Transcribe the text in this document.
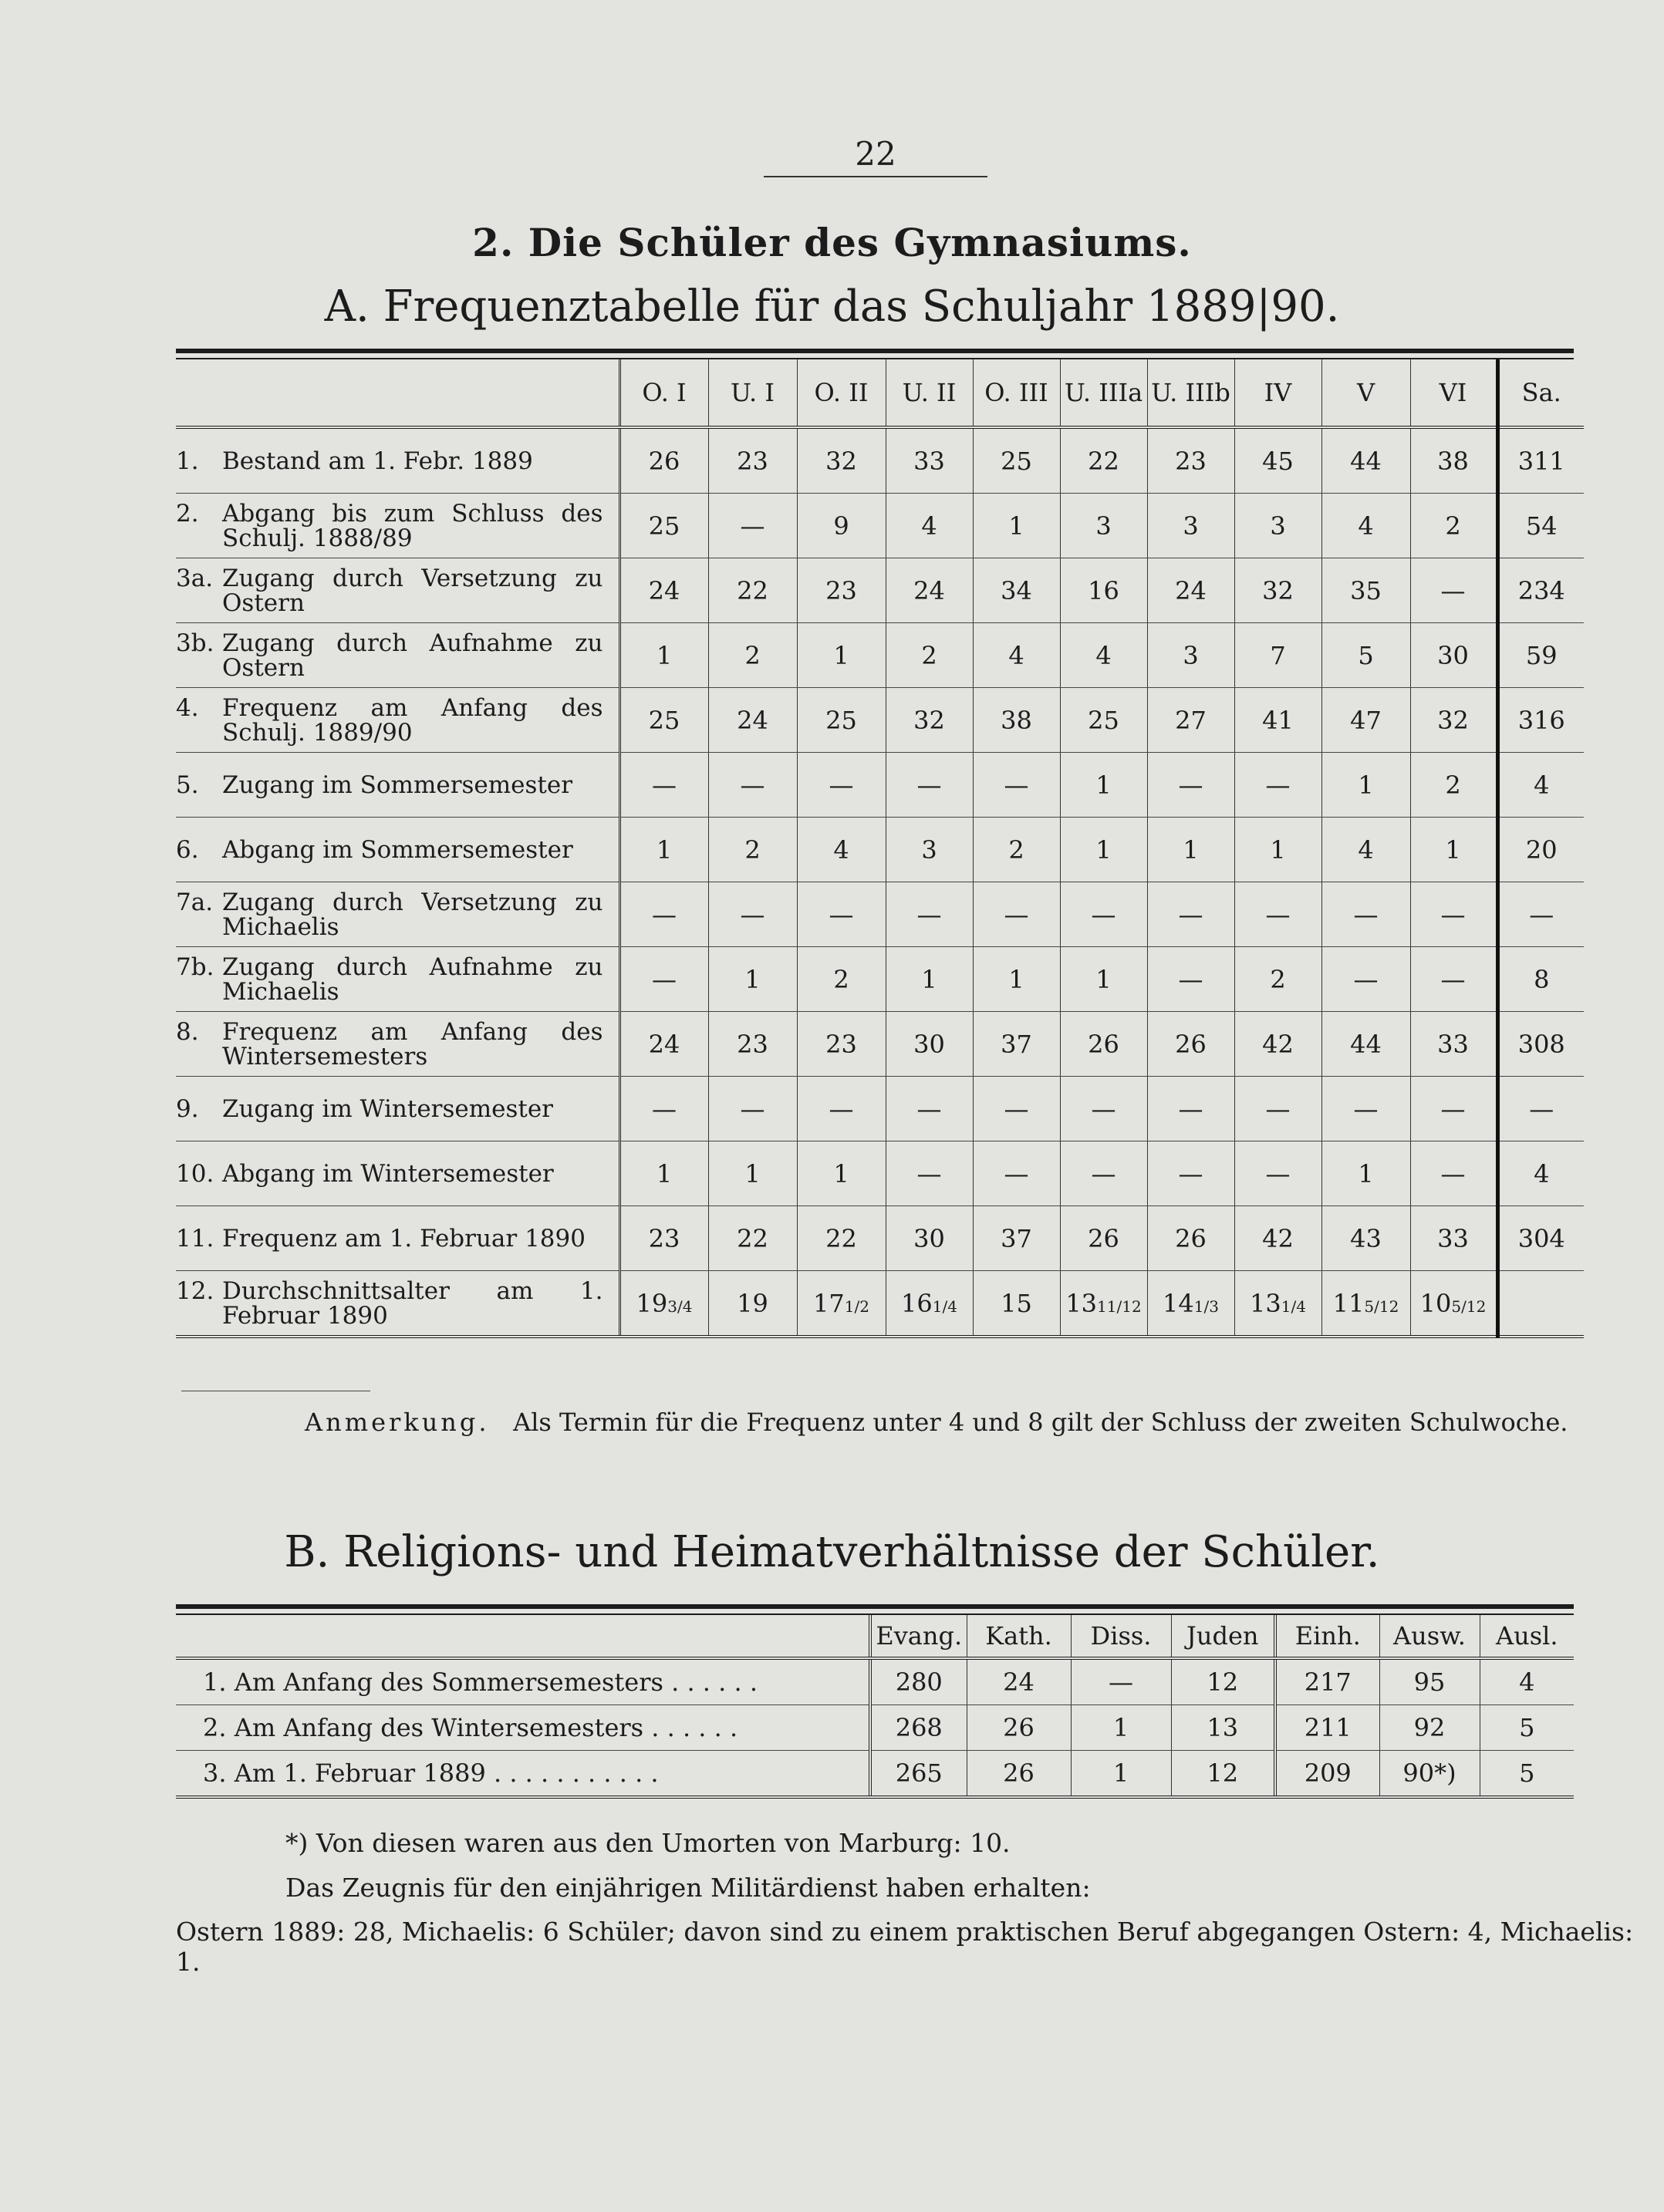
22
2. Die Schüler des Gymnasiums.
A. Frequenztabelle für das Schuljahr 1889|90.
	O. I	U. I	O. II	U. II	O. III	U. IIIa	U. IIIb	IV	V	VI	Sa.

1. Bestand am 1. Febr. 1889	26	23	32	33	25	22	23	45	44	38	311

2. Abgang bis zum Schluss des Schulj. 1888/89	25	—	9	4	1	3	3	3	4	2	54

3a. Zugang durch Versetzung zu Ostern	24	22	23	24	34	16	24	32	35	—	234

3b. Zugang durch Aufnahme zu Ostern	1	2	1	2	4	4	3	7	5	30	59

4. Frequenz am Anfang des Schulj. 1889/90	25	24	25	32	38	25	27	41	47	32	316

5. Zugang im Sommersemester	—	—	—	—	—	1	—	—	1	2	4

6. Abgang im Sommersemester	1	2	4	3	2	1	1	1	4	1	20

7a. Zugang durch Versetzung zu Michaelis	—	—	—	—	—	—	—	—	—	—	—

7b. Zugang durch Aufnahme zu Michaelis	—	1	2	1	1	1	—	2	—	—	8

8. Frequenz am Anfang des Wintersemesters	24	23	23	30	37	26	26	42	44	33	308

9. Zugang im Wintersemester	—	—	—	—	—	—	—	—	—	—	—

10. Abgang im Wintersemester	1	1	1	—	—	—	—	—	1	—	4

11. Frequenz am 1. Februar 1890	23	22	22	30	37	26	26	42	43	33	304

12. Durchschnittsalter am 1. Februar 1890	193/4	19	171/2	161/4	15	1311/12	141/3	131/4	115/12	105/12	
Anmerkung. Als Termin für die Frequenz unter 4 und 8 gilt der Schluss der zweiten Schulwoche.
B. Religions- und Heimatverhältnisse der Schüler.
	Evang.	Kath.	Diss.	Juden	Einh.	Ausw.	Ausl.
1. Am Anfang des Sommersemesters . . . . . .	280	24	—	12	217	95	4
2. Am Anfang des Wintersemesters . . . . . .	268	26	1	13	211	92	5
3. Am 1. Februar 1889 . . . . . . . . . . .	265	26	1	12	209	90*)	5
*) Von diesen waren aus den Umorten von Marburg: 10.
Das Zeugnis für den einjährigen Militärdienst haben erhalten:
Ostern 1889: 28, Michaelis: 6 Schüler; davon sind zu einem praktischen Beruf abgegangen Ostern: 4, Michaelis: 1.
